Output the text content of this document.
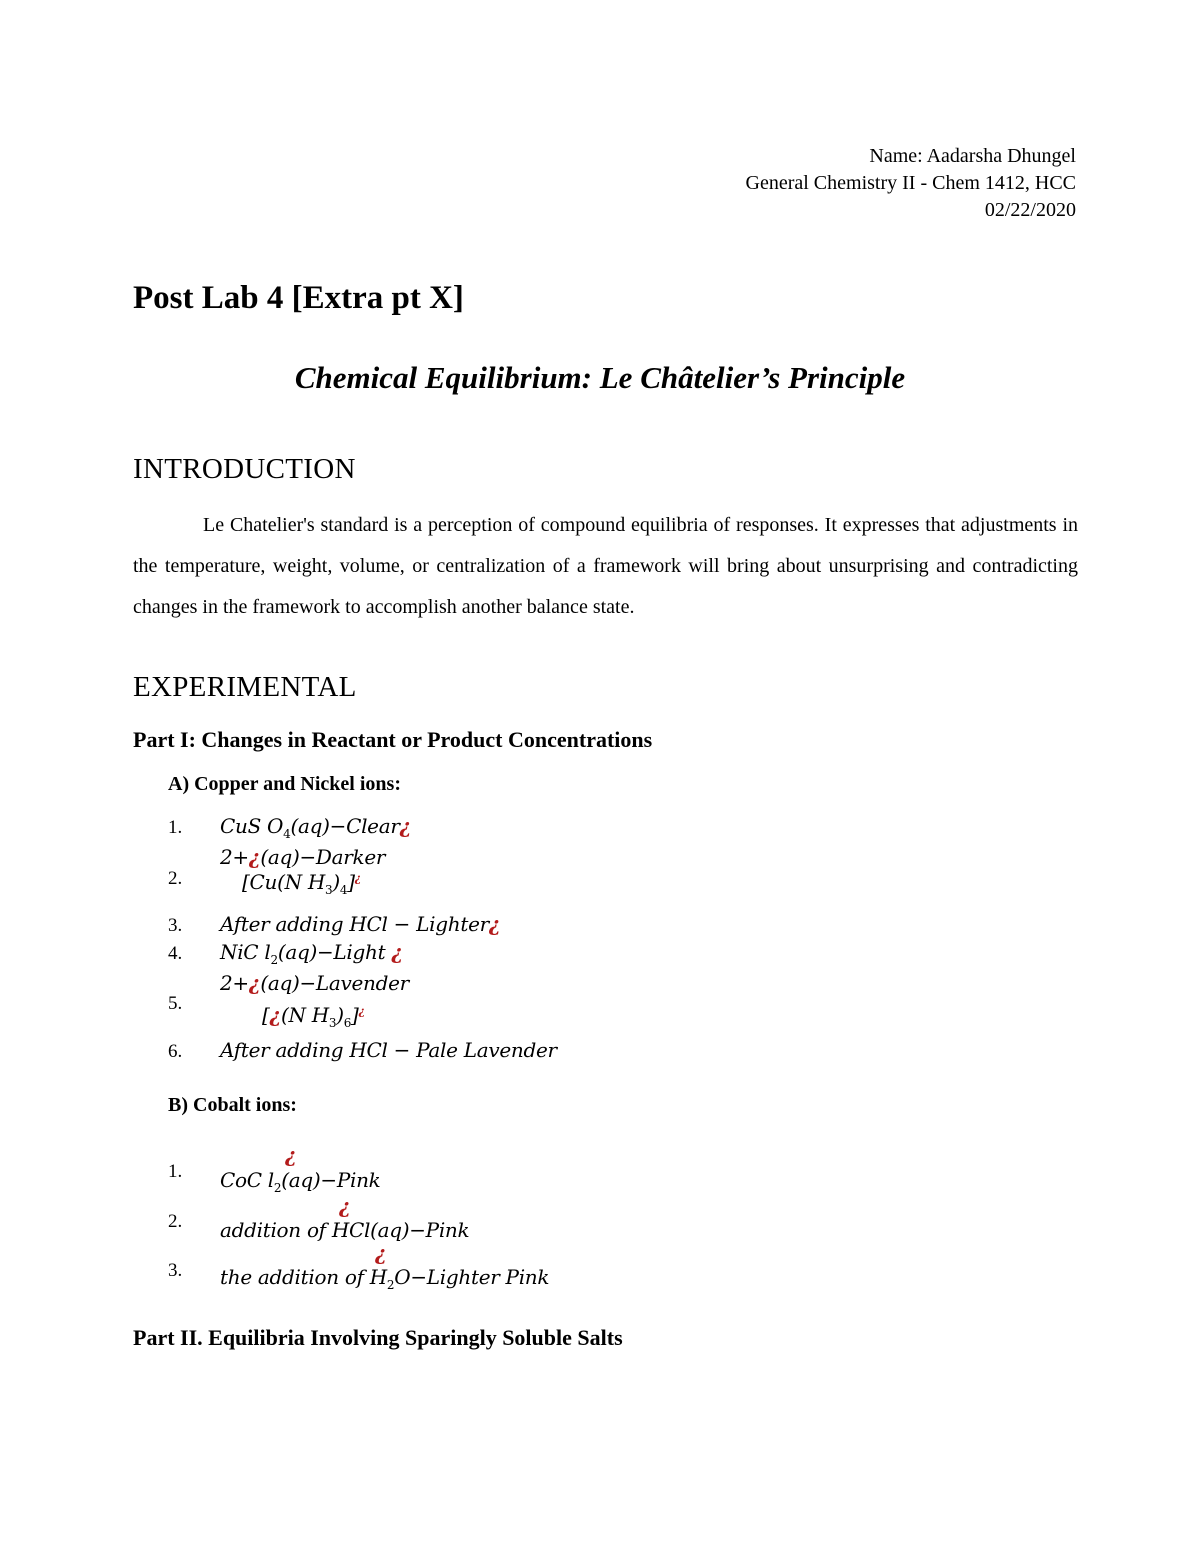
Name: Aadarsha Dhungel
General Chemistry II - Chem 1412, HCC
02/22/2020
Post Lab 4 [Extra pt X]
Chemical Equilibrium: Le Châtelier’s Principle
INTRODUCTION

Le Chatelier's standard is a perception of compound equilibria of responses. It expresses that adjustments in the temperature, weight, volume, or centralization of a framework will bring about unsurprising and contradicting changes in the framework to accomplish another balance state.

EXPERIMENTAL
Part I: Changes in Reactant or Product Concentrations
A) Copper and Nickel ions:
1. CuS $O_4(aq)-Clear¿$
2.
2+¿(aq)−Darker
[Cu(N $H_3)_4]^¿$
3. After adding HCl − Lighter¿
4. NiC $l_2(aq)-Light$ ¿
5.
2+¿(aq)−Lavender
[¿(N $H_3)_6]^¿$
6. After adding HCl − Pale Lavender
B) Cobalt ions:
1.
¿
CoC $l_2(aq)-Pink$
2.
¿
addition of HCl(aq)−Pink
3.
¿
the addition of $H_2O-Lighter$ Pink
Part II. Equilibria Involving Sparingly Soluble Salts
